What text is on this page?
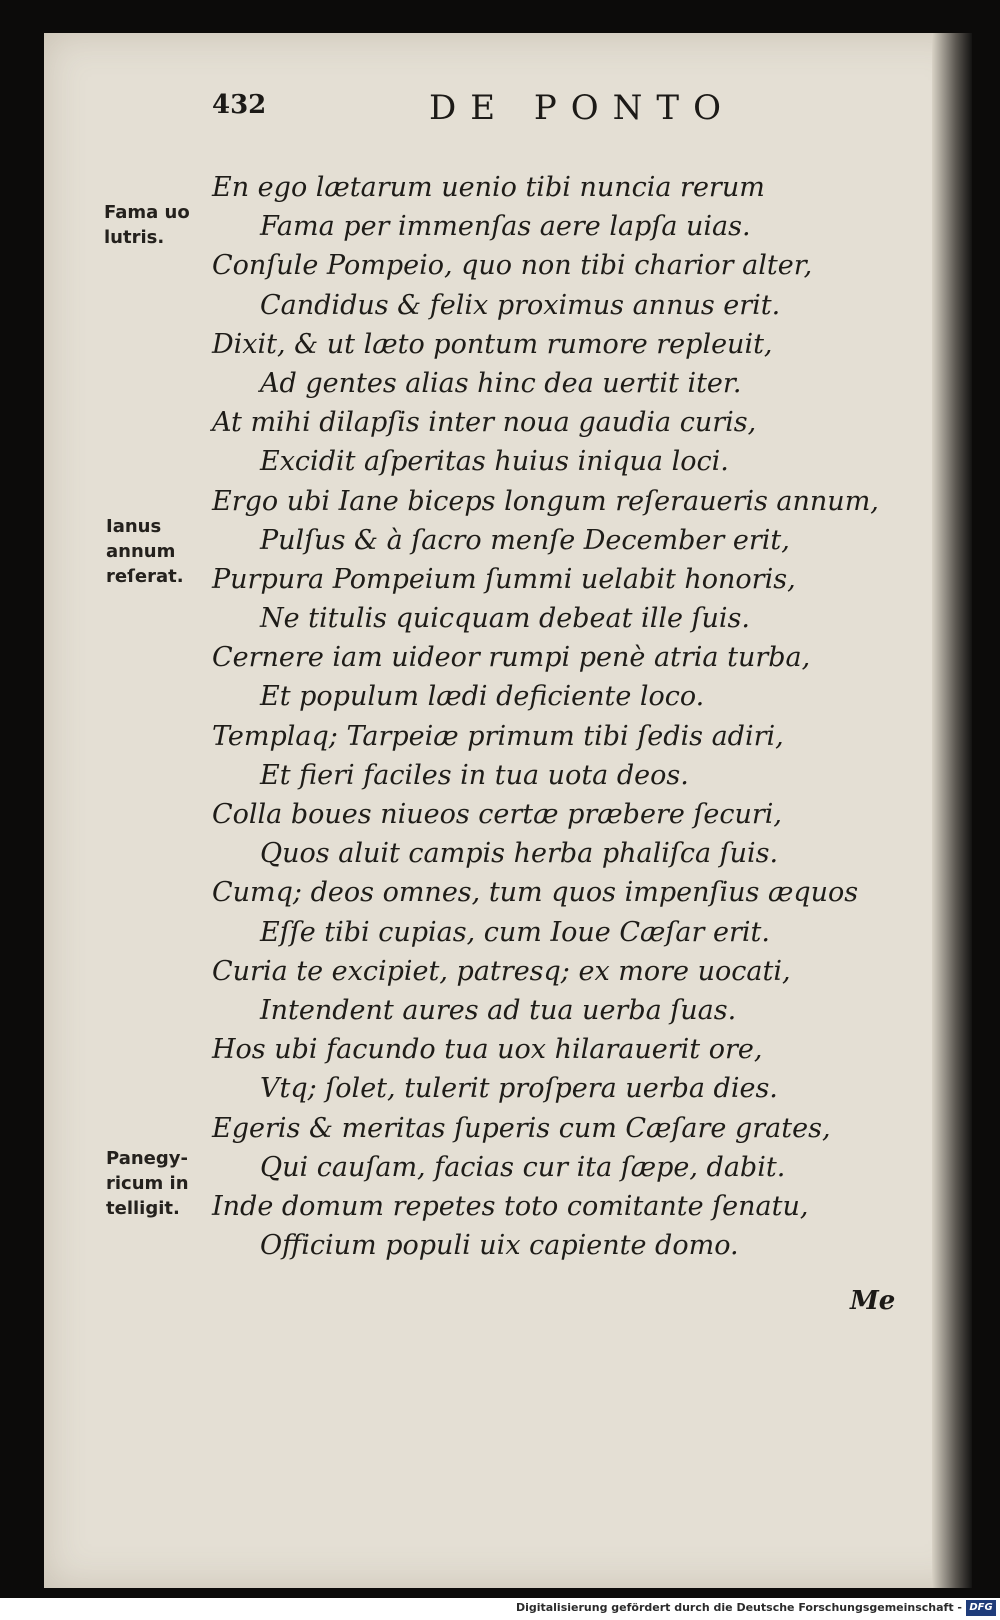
432	DE PONTO
En ego lætarum uenio tibi nuncia rerum
Fama per immenſas aere lapſa uias.
Conſule Pompeio, quo non tibi charior alter,
Candidus & felix proximus annus erit.
Dixit, & ut læto pontum rumore repleuit,
Ad gentes alias hinc dea uertit iter.
At mihi dilapſis inter noua gaudia curis,
Excidit aſperitas huius iniqua loci.
Ergo ubi Iane biceps longum reſeraueris annum,
Pulſus & à ſacro menſe December erit,
Purpura Pompeium ſummi uelabit honoris,
Ne titulis quicquam debeat ille ſuis.
Cernere iam uideor rumpi penè atria turba,
Et populum lædi deficiente loco.
Templaq; Tarpeiæ primum tibi ſedis adiri,
Et fieri faciles in tua uota deos.
Colla boues niueos certæ præbere ſecuri,
Quos aluit campis herba phaliſca ſuis.
Cumq; deos omnes, tum quos impenſius æquos
Eſſe tibi cupias, cum Ioue Cæſar erit.
Curia te excipiet, patresq; ex more uocati,
Intendent aures ad tua uerba ſuas.
Hos ubi facundo tua uox hilarauerit ore,
Vtq; ſolet, tulerit proſpera uerba dies.
Egeris & meritas ſuperis cum Cæſare grates,
Qui cauſam, facias cur ita ſæpe, dabit.
Inde domum repetes toto comitante ſenatu,
Officium populi uix capiente domo.
Fama uo
lutris.
Ianus
annum
reſerat.
Panegy-
ricum in
telligit.
Me
Digitalisierung gefördert durch die Deutsche Forschungsgemeinschaft - DFG
